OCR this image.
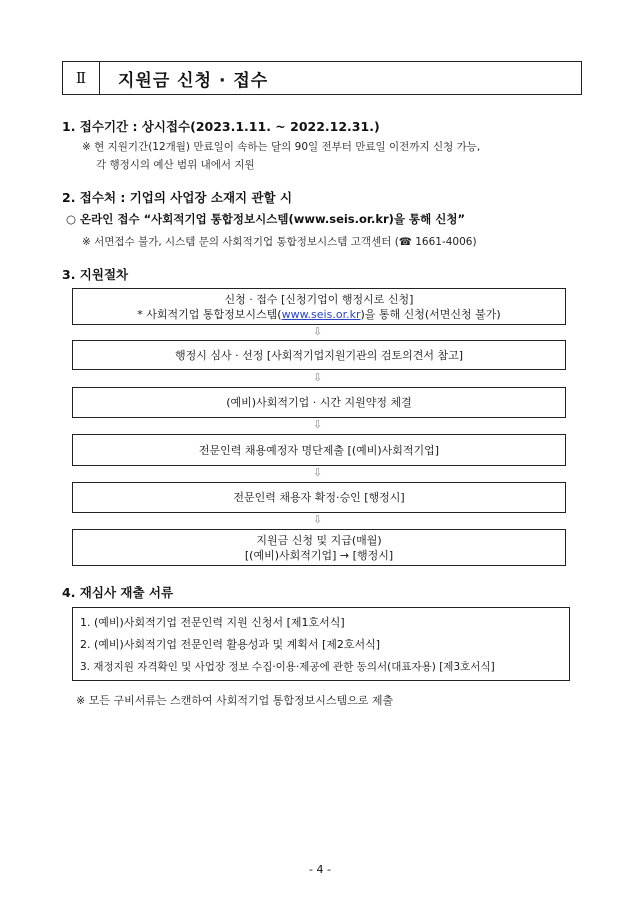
Ⅱ	지원금 신청 · 접수
1. 접수기간 : 상시접수(2023.1.11. ~ 2022.12.31.)
※ 현 지원기간(12개월) 만료일이 속하는 달의 90일 전부터 만료일 이전까지 신청 가능,
각 행정시의 예산 범위 내에서 지원
2. 접수처 : 기업의 사업장 소재지 관할 시
○ 온라인 접수 “사회적기업 통합정보시스템(www.seis.or.kr)을 통해 신청”
※ 서면접수 불가, 시스템 문의 사회적기업 통합정보시스템 고객센터 (☎ 1661-4006)
3. 지원절차
신청 · 접수 [신청기업이 행정시로 신청]
* 사회적기업 통합정보시스템(www.seis.or.kr)을 통해 신청(서면신청 불가)
⇩
행정시 심사 · 선정 [사회적기업지원기관의 검토의견서 참고]
⇩
(예비)사회적기업 · 시간 지원약정 체결
⇩
전문인력 채용예정자 명단제출 [(예비)사회적기업]
⇩
전문인력 채용자 확정·승인 [행정시]
⇩
지원금 신청 및 지급(매월)
[(예비)사회적기업] → [행정시]
4. 재심사 재출 서류
1. (예비)사회적기업 전문인력 지원 신청서 [제1호서식]
2. (예비)사회적기업 전문인력 활용성과 및 계획서 [제2호서식]
3. 재정지원 자격확인 및 사업장 정보 수집·이용·제공에 관한 동의서(대표자용) [제3호서식]
※ 모든 구비서류는 스캔하여 사회적기업 통합정보시스템으로 제출
- 4 -
